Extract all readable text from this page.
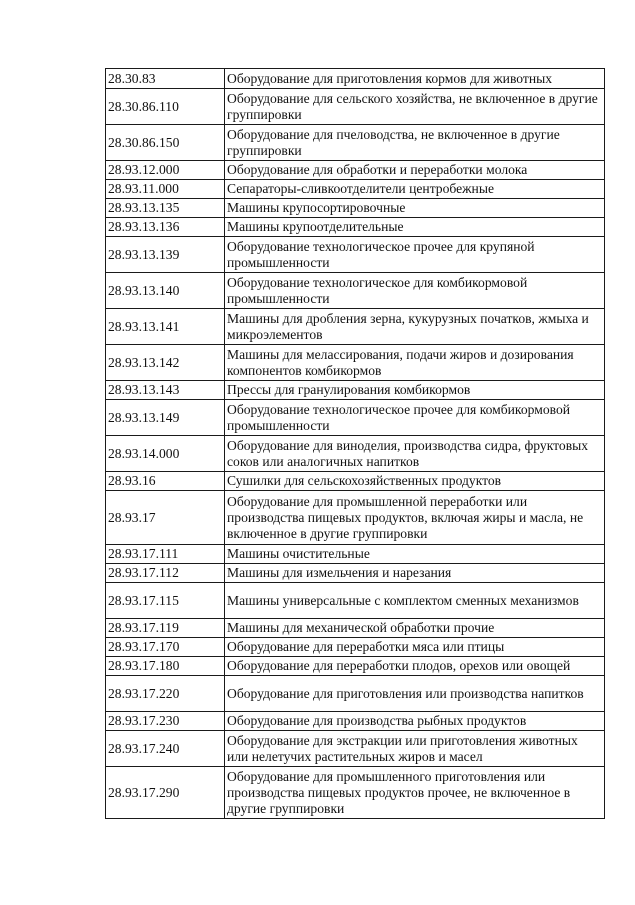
28.30.83	Оборудование для приготовления кормов для животных
28.30.86.110	Оборудование для сельского хозяйства, не включенное в другие группировки
28.30.86.150	Оборудование для пчеловодства, не включенное в другие группировки
28.93.12.000	Оборудование для обработки и переработки молока
28.93.11.000	Сепараторы-сливкоотделители центробежные
28.93.13.135	Машины крупосортировочные
28.93.13.136	Машины крупоотделительные
28.93.13.139	Оборудование технологическое прочее для крупяной промышленности
28.93.13.140	Оборудование технологическое для комбикормовой промышленности
28.93.13.141	Машины для дробления зерна, кукурузных початков, жмыха и микроэлементов
28.93.13.142	Машины для мелассирования, подачи жиров и дозирования компонентов комбикормов
28.93.13.143	Прессы для гранулирования комбикормов
28.93.13.149	Оборудование технологическое прочее для комбикормовой промышленности
28.93.14.000	Оборудование для виноделия, производства сидра, фруктовых соков или аналогичных напитков
28.93.16	Сушилки для сельскохозяйственных продуктов
28.93.17	Оборудование для промышленной переработки или производства пищевых продуктов, включая жиры и масла, не включенное в другие группировки
28.93.17.111	Машины очистительные
28.93.17.112	Машины для измельчения и нарезания
28.93.17.115	Машины универсальные с комплектом сменных механизмов
28.93.17.119	Машины для механической обработки прочие
28.93.17.170	Оборудование для переработки мяса или птицы
28.93.17.180	Оборудование для переработки плодов, орехов или овощей
28.93.17.220	Оборудование для приготовления или производства напитков
28.93.17.230	Оборудование для производства рыбных продуктов
28.93.17.240	Оборудование для экстракции или приготовления животных или нелетучих растительных жиров и масел
28.93.17.290	Оборудование для промышленного приготовления или производства пищевых продуктов прочее, не включенное в другие группировки
